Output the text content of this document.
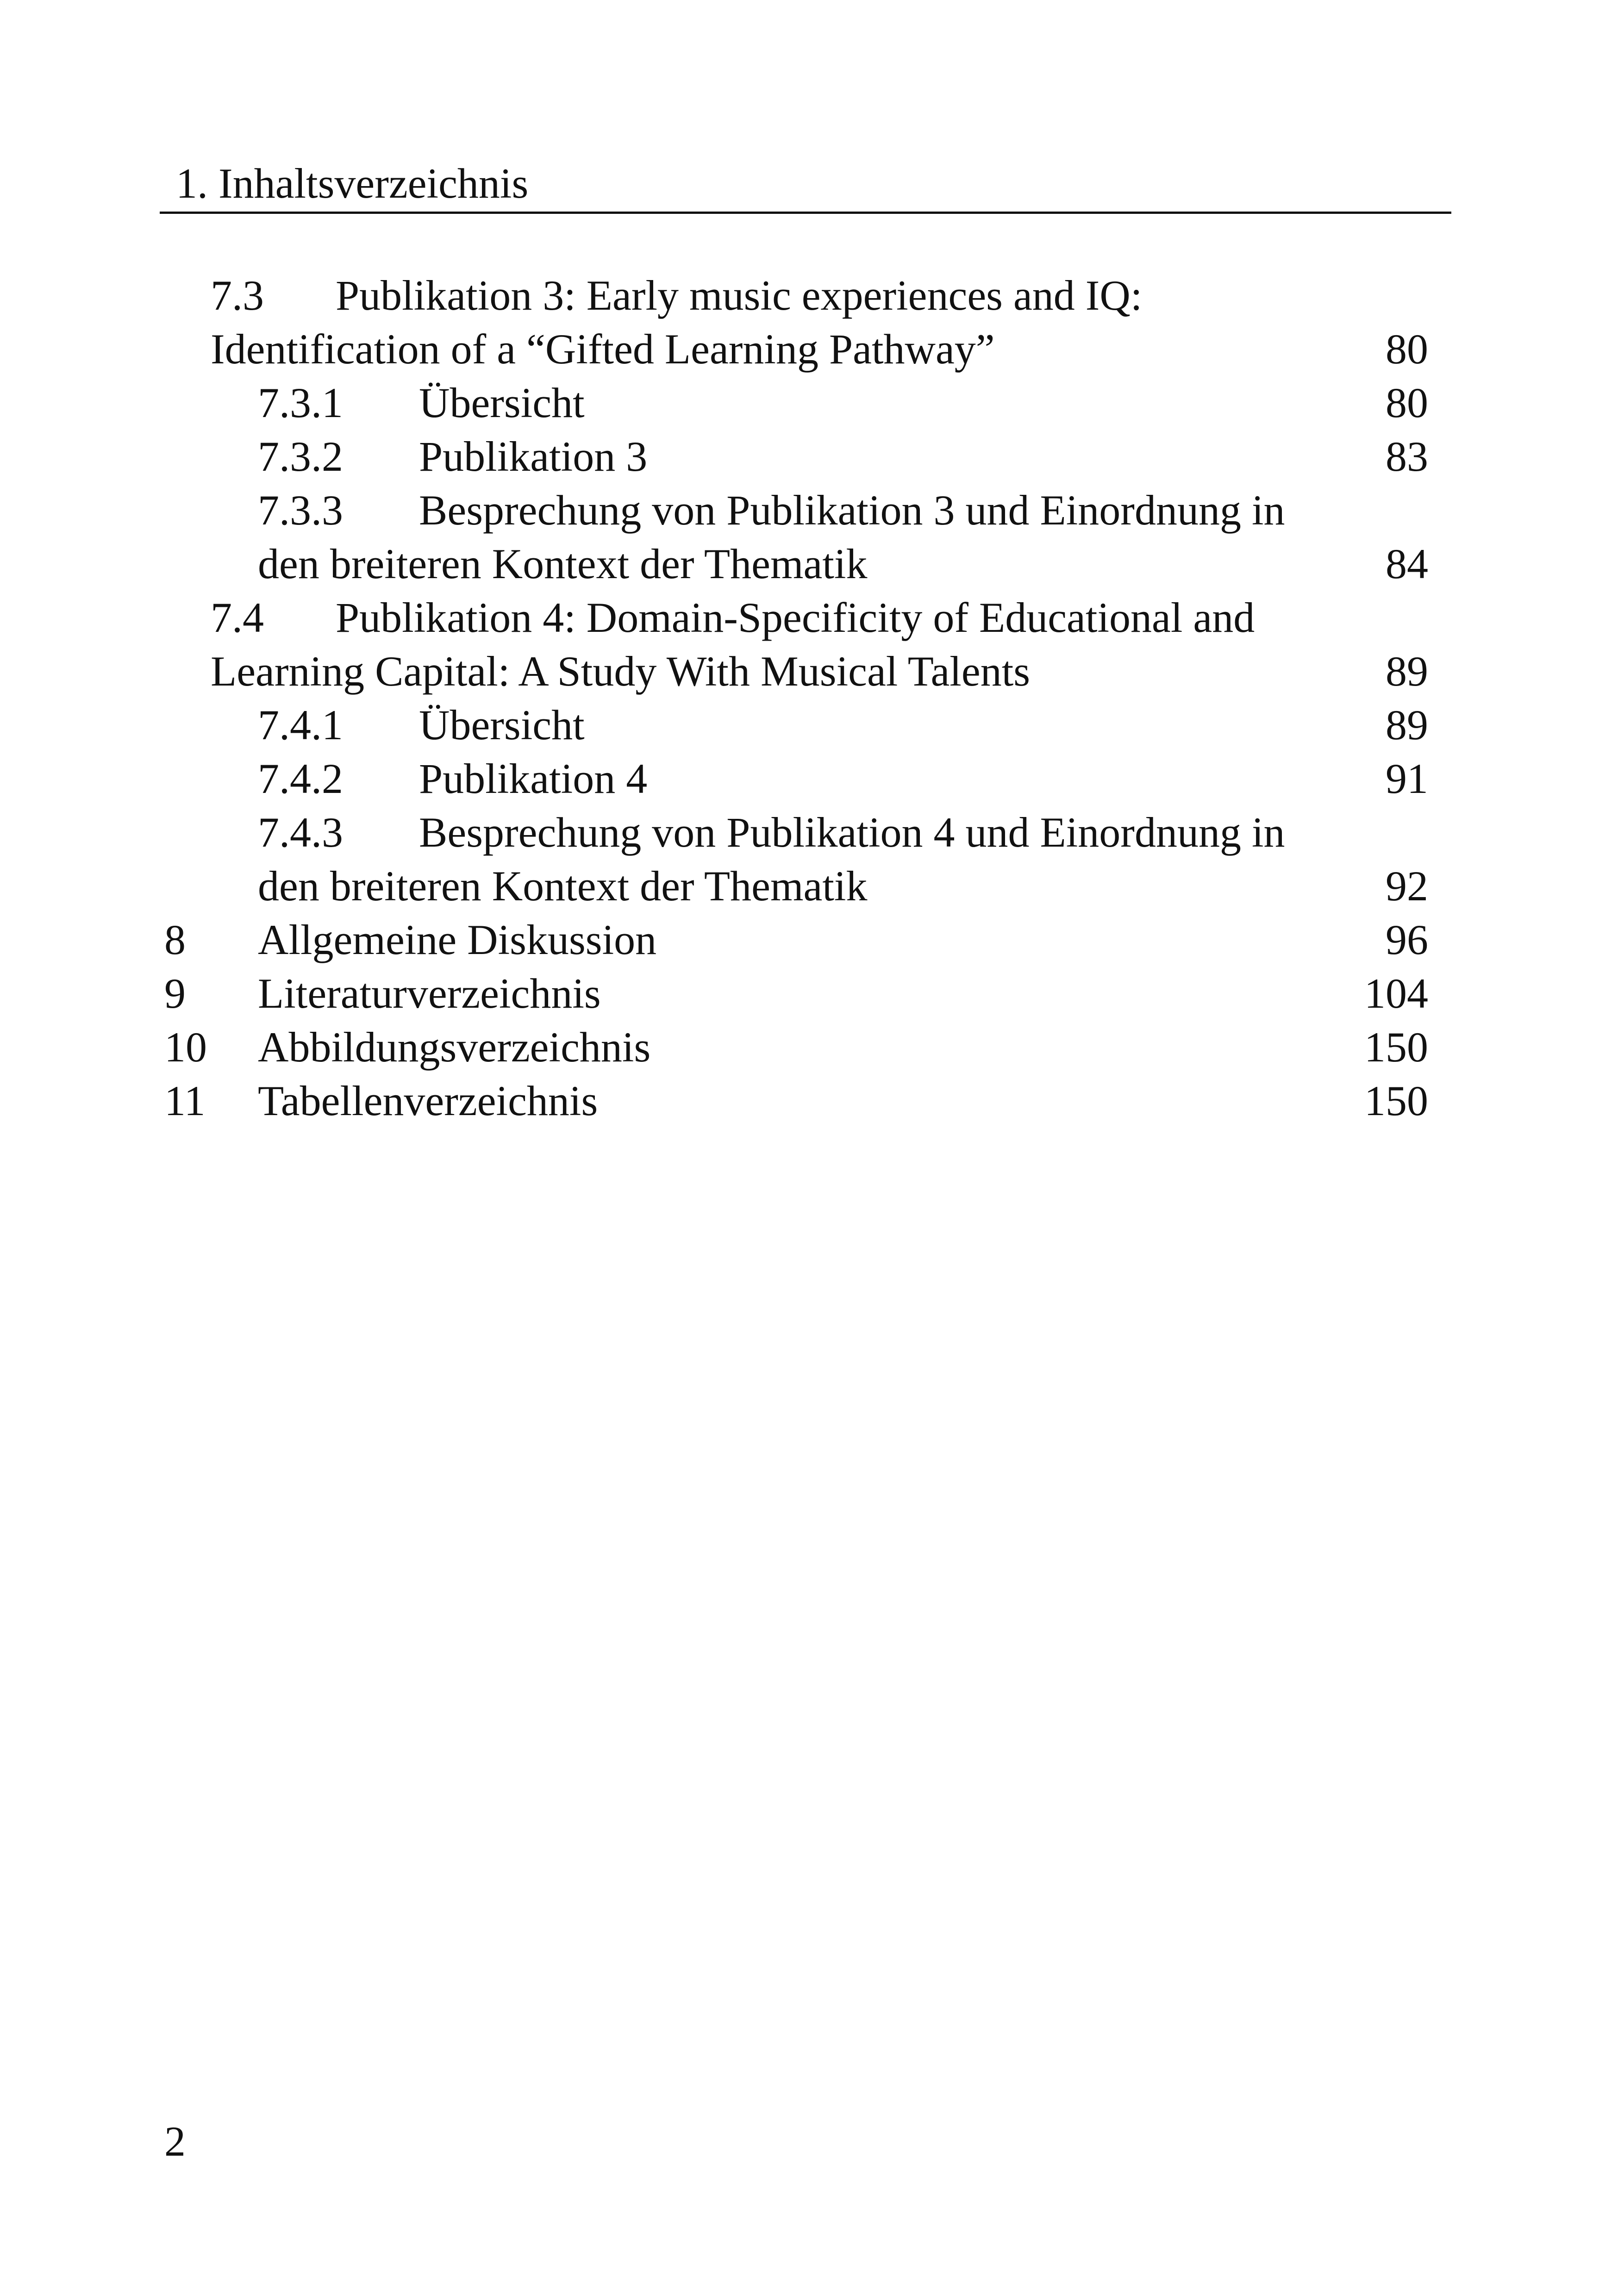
1. Inhaltsverzeichnis
7.3 Publikation 3: Early music experiences and IQ:
Identification of a “Gifted Learning Pathway”	80
7.3.1 Übersicht	80
7.3.2 Publikation 3	83
7.3.3 Besprechung von Publikation 3 und Einordnung in
den breiteren Kontext der Thematik	84
7.4 Publikation 4: Domain-Specificity of Educational and
Learning Capital: A Study With Musical Talents	89
7.4.1 Übersicht	89
7.4.2 Publikation 4	91
7.4.3 Besprechung von Publikation 4 und Einordnung in
den breiteren Kontext der Thematik	92
8 Allgemeine Diskussion	96
9 Literaturverzeichnis	104
10 Abbildungsverzeichnis	150
11 Tabellenverzeichnis	150
2
